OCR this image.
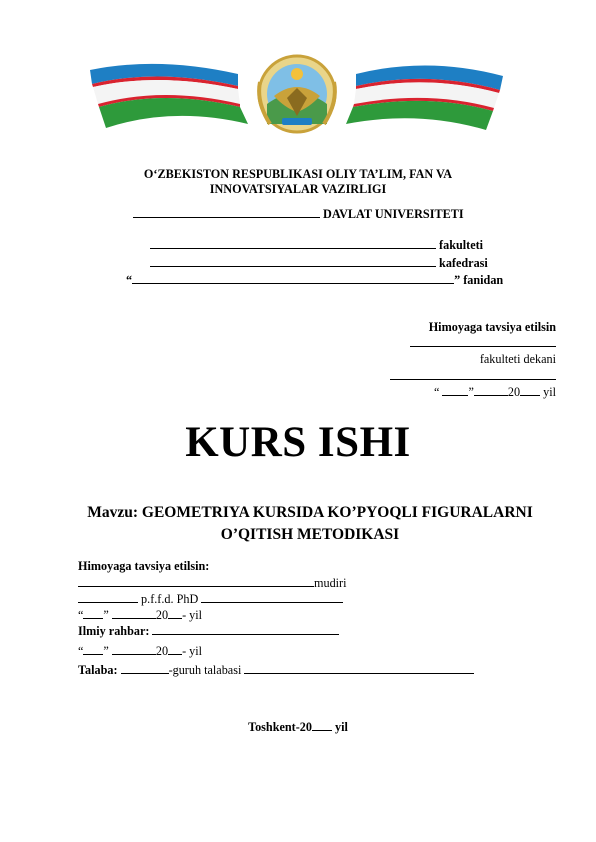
O‘ZBEKISTON RESPUBLIKASI OLIY TA’LIM, FAN VA
INNOVATSIYALAR VAZIRLIGI
DAVLAT UNIVERSITETI
fakulteti
kafedrasi
“	” fanidan
Himoyaga tavsiya etilsin
fakulteti dekani
“ ”	20 yil
KURS ISHI
Mavzu: GEOMETRIYA KURSIDA KO’PYOQLI FIGURALARNI
O’QITISH METODIKASI
Himoyaga tavsiya etilsin:
mudiri
p.f.f.d. PhD
“ ”	20 - yil
Ilmiy rahbar:
“ ”	20 - yil
Talaba:	-guruh talabasi
Toshkent-20 yil
